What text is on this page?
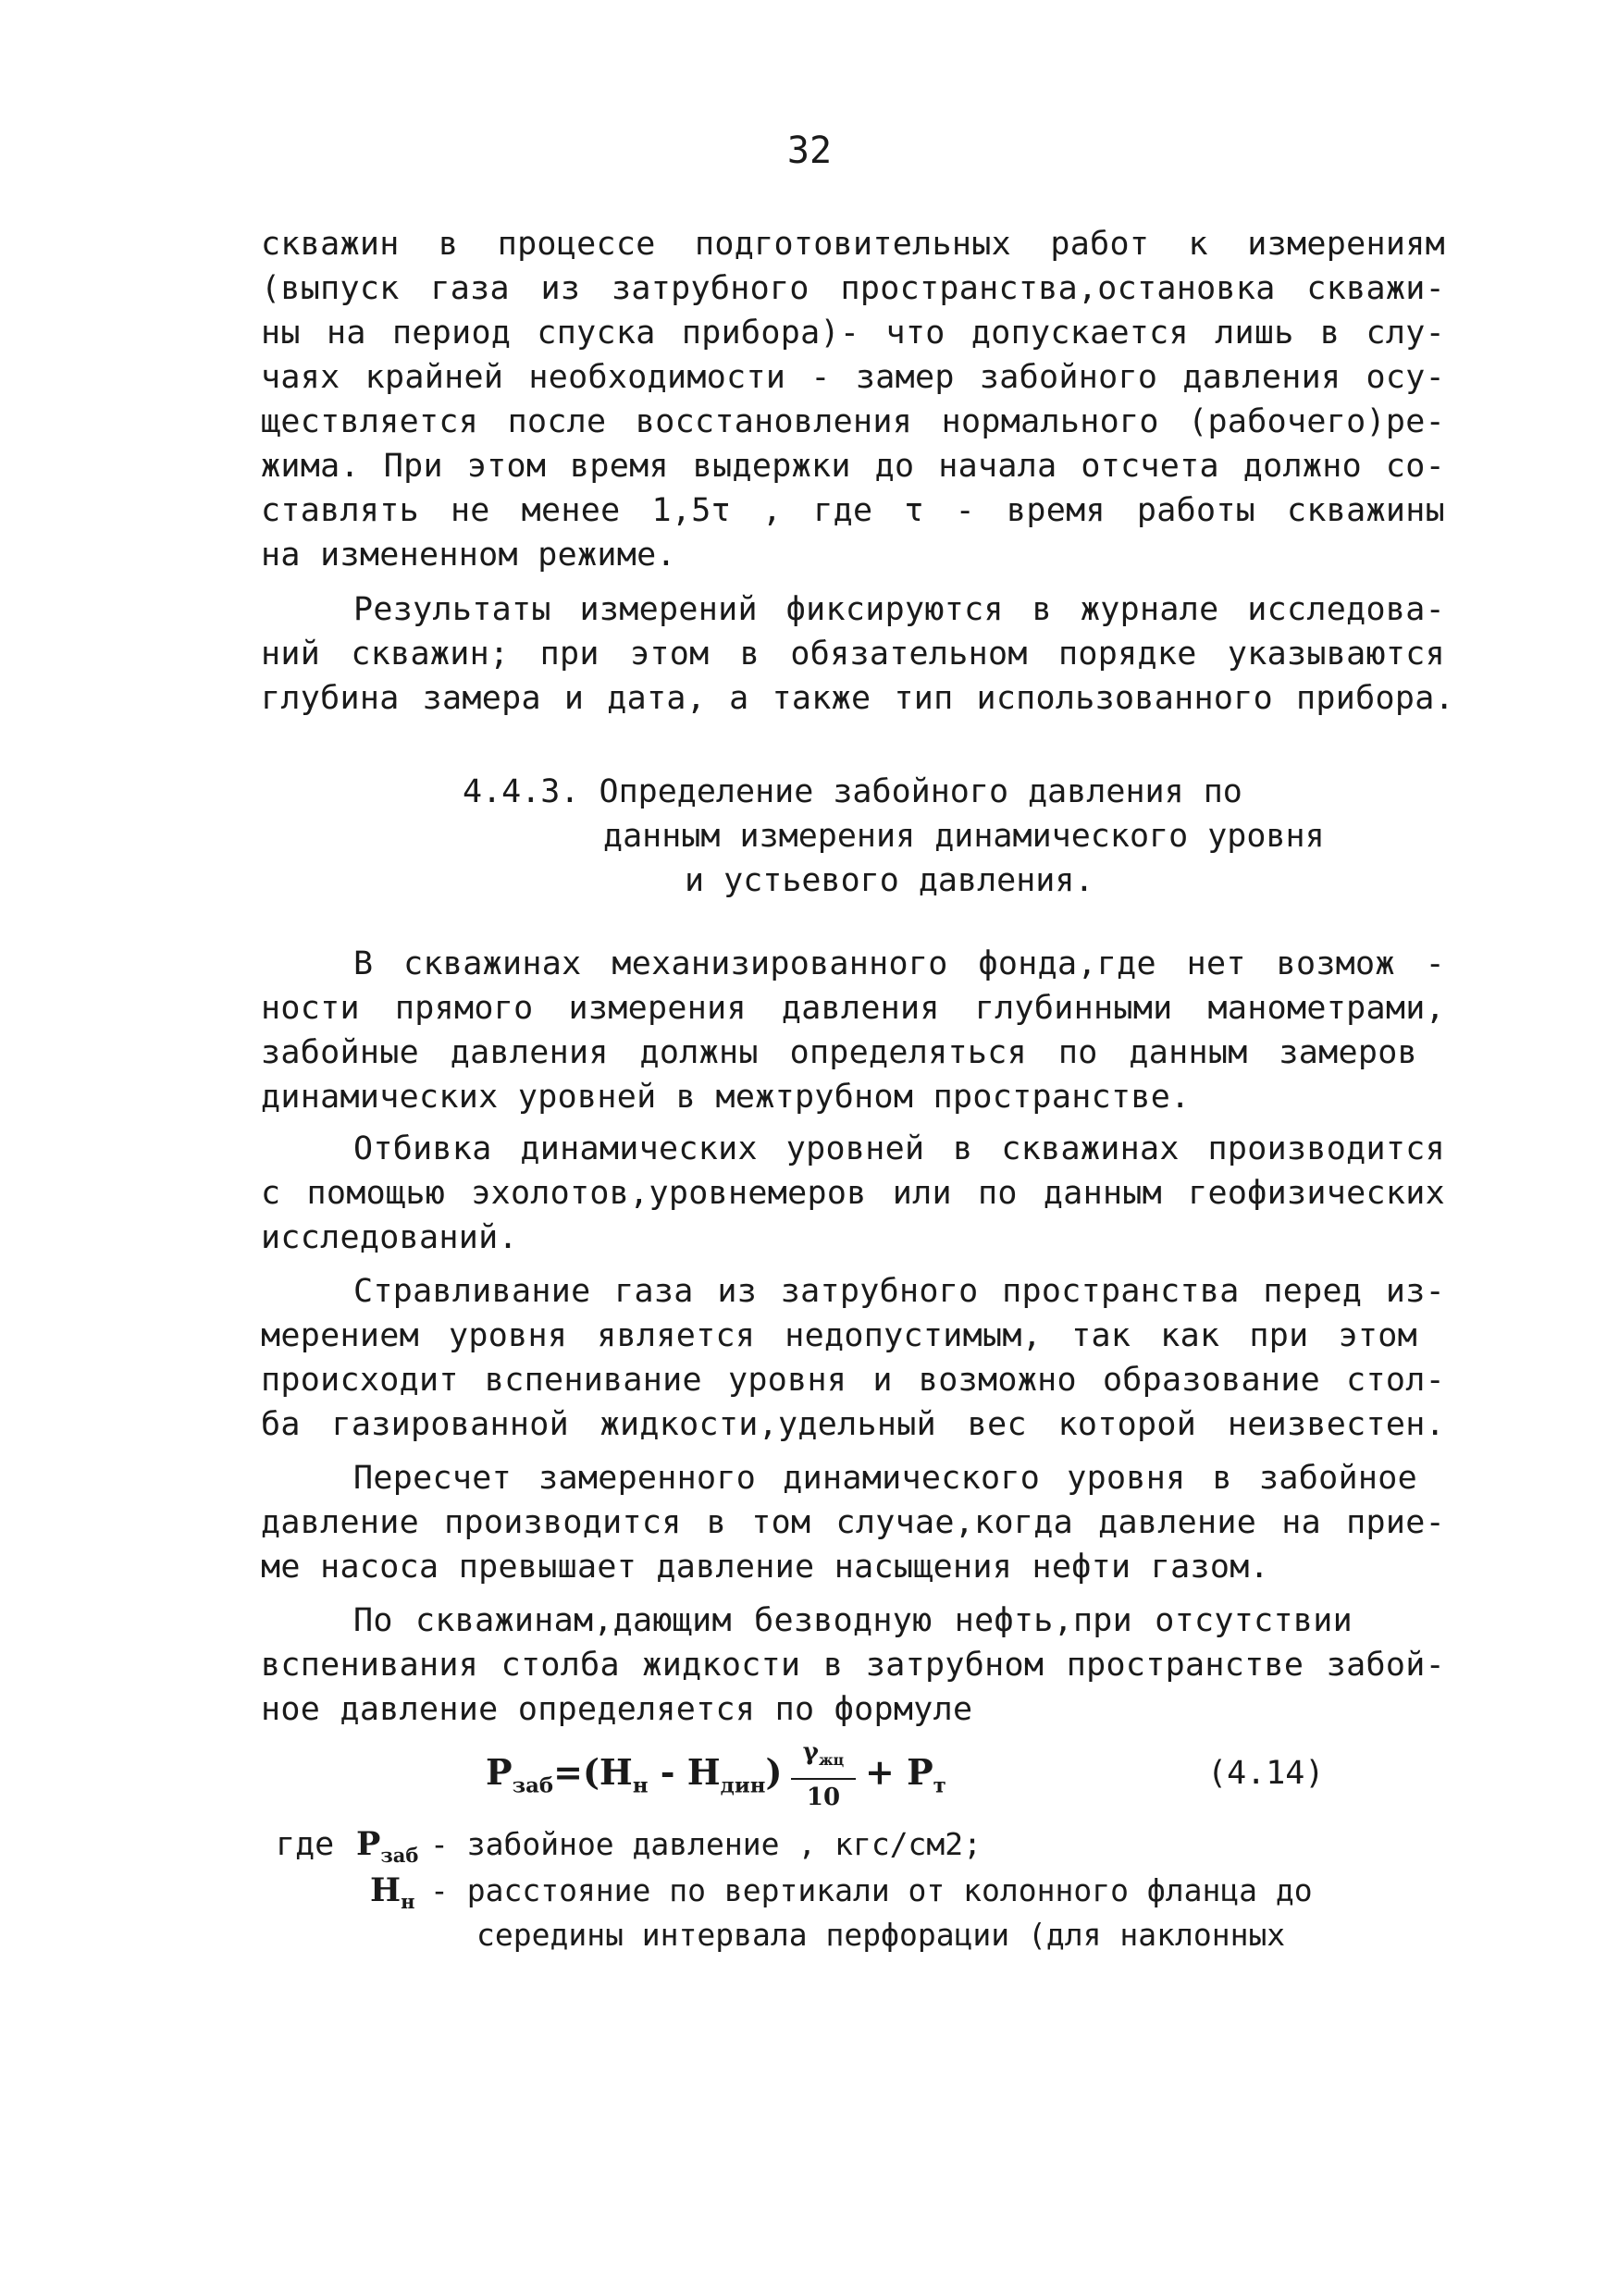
32
скважин в процессе подготовительных работ к измерениям
(выпуск газа из затрубного пространства,остановка скважи-
ны на период спуска прибора)- что допускается лишь в слу-
чаях крайней необходимости - замер забойного давления осу-
ществляется после восстановления нормального (рабочего)ре-
жима. При этом время выдержки до начала отсчета должно со-
ставлять не менее 1,5τ , где τ - время работы скважины
на измененном режиме.
Результаты измерений фиксируются в журнале исследова-
ний скважин; при этом в обязательном порядке указываются
глубина замера и дата, а также тип использованного прибора.
4.4.3. Определение забойного давления по
данным измерения динамического уровня
и устьевого давления.
В скважинах механизированного фонда,где нет возмож -
ности прямого измерения давления глубинными манометрами,
забойные давления должны определяться по данным замеров
динамических уровней в межтрубном пространстве.
Отбивка динамических уровней в скважинах производится
с помощью эхолотов,уровнемеров или по данным геофизических
исследований.
Стравливание газа из затрубного пространства перед из-
мерением уровня является недопустимым, так как при этом
происходит вспенивание уровня и возможно образование стол-
ба газированной жидкости,удельный вес которой неизвестен.
Пересчет замеренного динамического уровня в забойное
давление производится в том случае,когда давление на прие-
ме насоса превышает давление насыщения нефти газом.
По скважинам,дающим безводную нефть,при отсутствии
вспенивания столба жидкости в затрубном пространстве забой-
ное давление определяется по формуле
$P_{заб}=(H_н - H_{дин})$ $\gamma_{жц}$
10
+ $P_т$	(4.14)
где $P_{заб}$ - забойное давление , кгс/см2;
$H_н$ - расстояние по вертикали от колонного фланца до
середины интервала перфорации (для наклонных
